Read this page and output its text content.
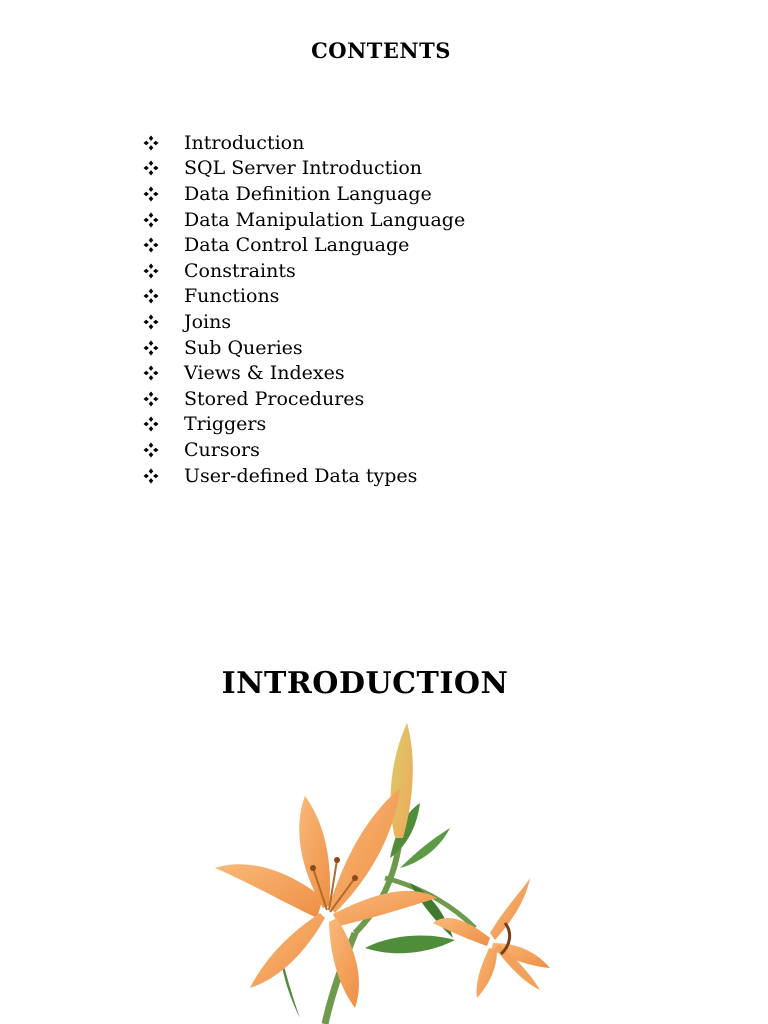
CONTENTS
Introduction
SQL Server Introduction
Data Definition Language
Data Manipulation Language
Data Control Language
Constraints
Functions
Joins
Sub Queries
Views & Indexes
Stored Procedures
Triggers
Cursors
User-defined Data types
INTRODUCTION
